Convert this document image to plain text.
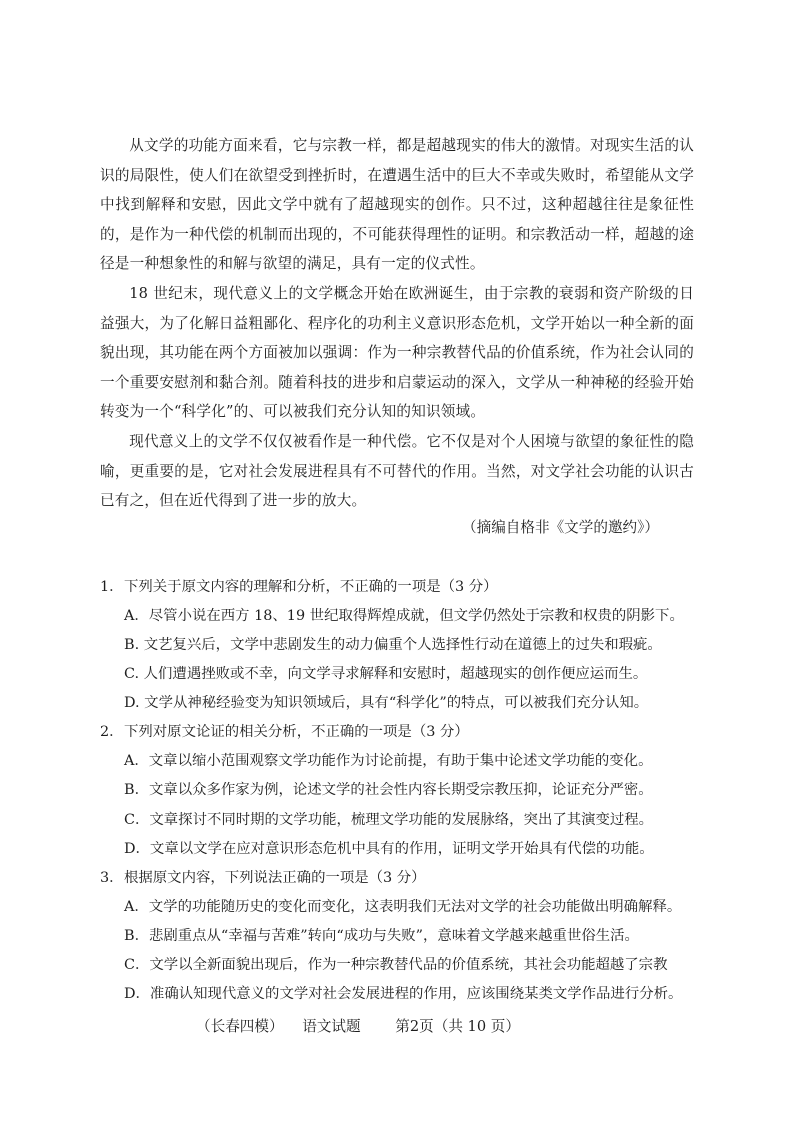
从文学的功能方面来看，它与宗教一样，都是超越现实的伟大的激情。对现实生活的认识的局限性，使人们在欲望受到挫折时，在遭遇生活中的巨大不幸或失败时，希望能从文学中找到解释和安慰，因此文学中就有了超越现实的创作。只不过，这种超越往往是象征性的，是作为一种代偿的机制而出现的，不可能获得理性的证明。和宗教活动一样，超越的途径是一种想象性的和解与欲望的满足，具有一定的仪式性。

18 世纪末，现代意义上的文学概念开始在欧洲诞生，由于宗教的衰弱和资产阶级的日益强大，为了化解日益粗鄙化、程序化的功利主义意识形态危机，文学开始以一种全新的面貌出现，其功能在两个方面被加以强调：作为一种宗教替代品的价值系统，作为社会认同的一个重要安慰剂和黏合剂。随着科技的进步和启蒙运动的深入，文学从一种神秘的经验开始转变为一个“科学化”的、可以被我们充分认知的知识领域。

现代意义上的文学不仅仅被看作是一种代偿。它不仅是对个人困境与欲望的象征性的隐喻，更重要的是，它对社会发展进程具有不可替代的作用。当然，对文学社会功能的认识古已有之，但在近代得到了进一步的放大。

（摘编自格非《文学的邀约》）
1． 下列关于原文内容的理解和分析，不正确的一项是（3 分）
A．尽管小说在西方 18、19 世纪取得辉煌成就，但文学仍然处于宗教和权贵的阴影下。
B. 文艺复兴后，文学中悲剧发生的动力偏重个人选择性行动在道德上的过失和瑕疵。
C. 人们遭遇挫败或不幸，向文学寻求解释和安慰时，超越现实的创作便应运而生。
D. 文学从神秘经验变为知识领域后，具有“科学化”的特点，可以被我们充分认知。
2． 下列对原文论证的相关分析，不正确的一项是（3 分）
A．文章以缩小范围观察文学功能作为讨论前提，有助于集中论述文学功能的变化。
B．文章以众多作家为例，论述文学的社会性内容长期受宗教压抑，论证充分严密。
C．文章探讨不同时期的文学功能，梳理文学功能的发展脉络，突出了其演变过程。
D．文章以文学在应对意识形态危机中具有的作用，证明文学开始具有代偿的功能。
3． 根据原文内容，下列说法正确的一项是（3 分）
A．文学的功能随历史的变化而变化，这表明我们无法对文学的社会功能做出明确解释。
B．悲剧重点从“幸福与苦难”转向“成功与失败”，意味着文学越来越重世俗生活。
C．文学以全新面貌出现后，作为一种宗教替代品的价值系统，其社会功能超越了宗教
D．准确认知现代意义的文学对社会发展进程的作用，应该围绕某类文学作品进行分析。
（长春四模） 语文试题 第2页（共 10 页）
